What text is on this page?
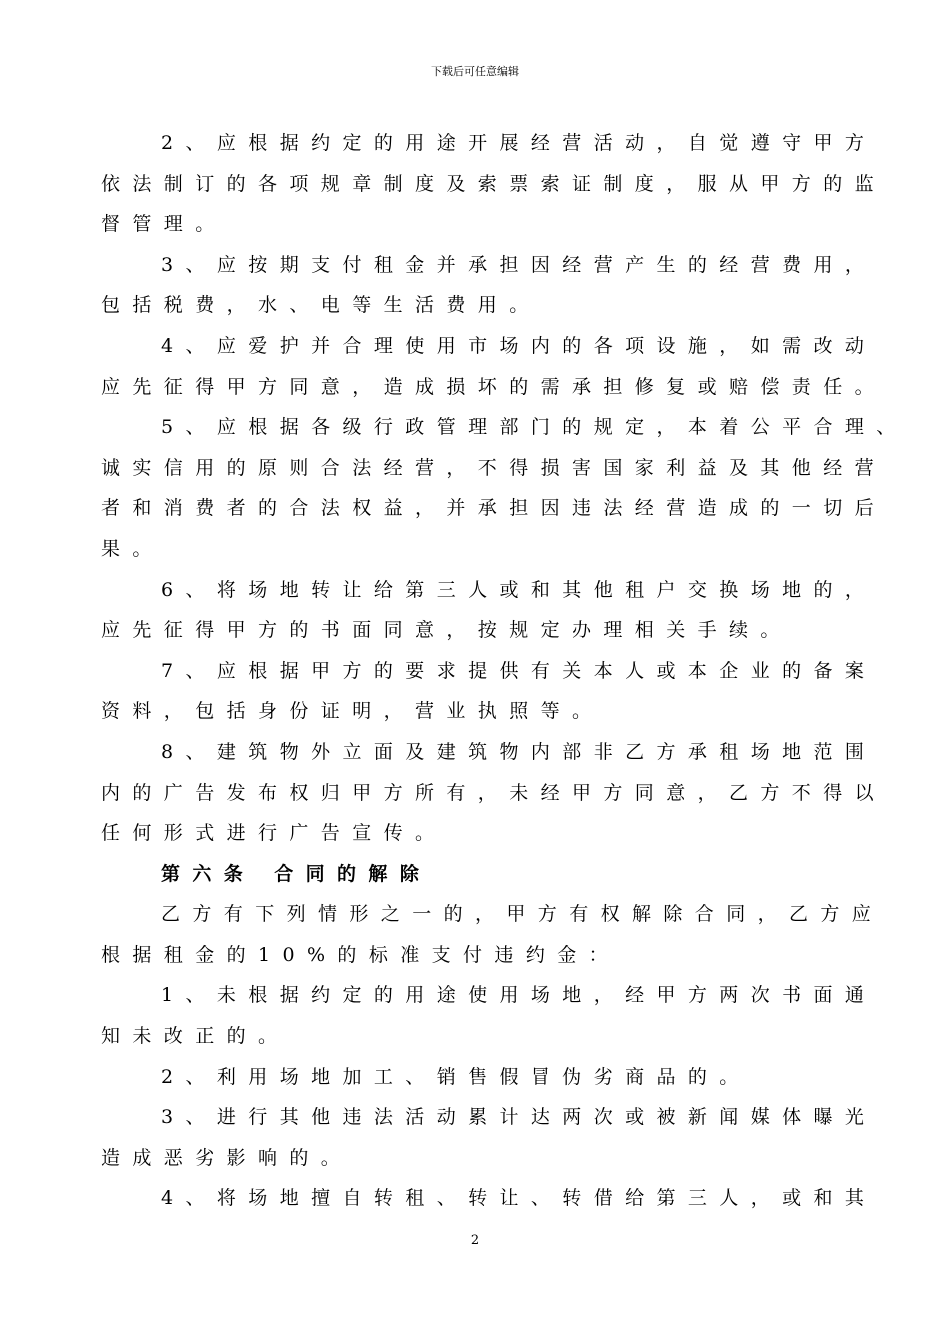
下载后可任意编辑
2、应根据约定的用途开展经营活动，自觉遵守甲方
依法制订的各项规章制度及索票索证制度，服从甲方的监
督管理。
3、应按期支付租金并承担因经营产生的经营费用，
包括税费，水、电等生活费用。
4、应爱护并合理使用市场内的各项设施，如需改动
应先征得甲方同意，造成损坏的需承担修复或赔偿责任。
5、应根据各级行政管理部门的规定，本着公平合理、
诚实信用的原则合法经营，不得损害国家利益及其他经营
者和消费者的合法权益，并承担因违法经营造成的一切后
果。
6、将场地转让给第三人或和其他租户交换场地的，
应先征得甲方的书面同意，按规定办理相关手续。
7、应根据甲方的要求提供有关本人或本企业的备案
资料，包括身份证明，营业执照等。
8、建筑物外立面及建筑物内部非乙方承租场地范围
内的广告发布权归甲方所有，未经甲方同意，乙方不得以
任何形式进行广告宣传。
第六条 合同的解除
乙方有下列情形之一的，甲方有权解除合同，乙方应
根据租金的10%的标准支付违约金：
1、未根据约定的用途使用场地，经甲方两次书面通
知未改正的。
2、利用场地加工、销售假冒伪劣商品的。
3、进行其他违法活动累计达两次或被新闻媒体曝光
造成恶劣影响的。
4、将场地擅自转租、转让、转借给第三人，或和其
2
